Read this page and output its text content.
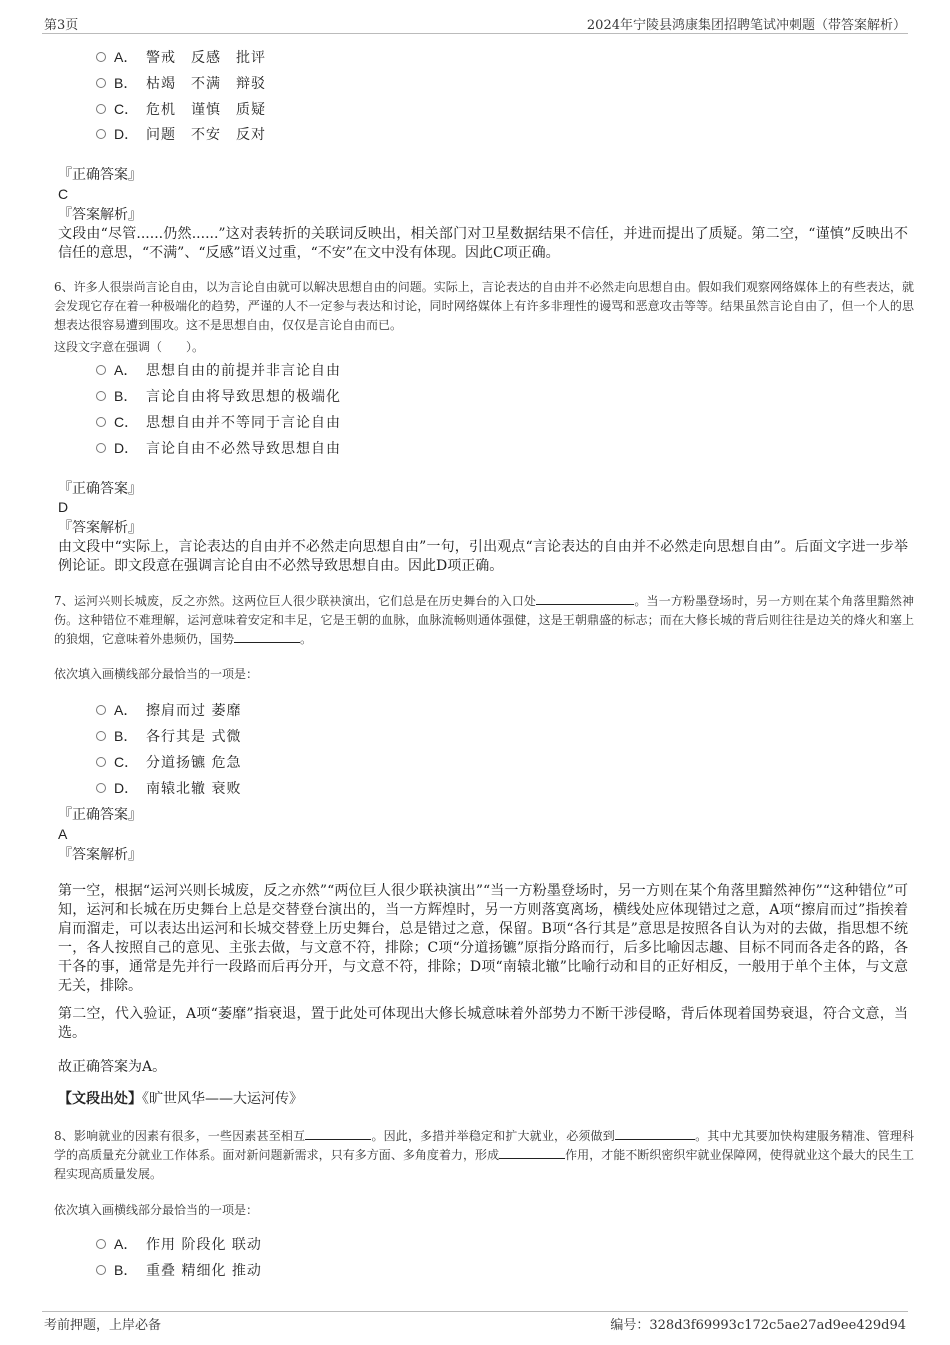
第3页	2024年宁陵县鸿康集团招聘笔试冲刺题（带答案解析）
A． 警戒　反感　批评
B． 枯竭　不满　辩驳
C． 危机　谨慎　质疑
D． 问题　不安　反对
『正确答案』
C
『答案解析』
文段由“尽管......仍然......”这对表转折的关联词反映出，相关部门对卫星数据结果不信任，并进而提出了质疑。第二空，“谨慎”反映出不信任的意思，“不满”、“反感”语义过重，“不安”在文中没有体现。因此C项正确。
6、许多人很崇尚言论自由，以为言论自由就可以解决思想自由的问题。实际上，言论表达的自由并不必然走向思想自由。假如我们观察网络媒体上的有些表达，就会发现它存在着一种极端化的趋势，严谨的人不一定参与表达和讨论，同时网络媒体上有许多非理性的谩骂和恶意攻击等等。结果虽然言论自由了，但一个人的思想表达很容易遭到围攻。这不是思想自由，仅仅是言论自由而已。
这段文字意在强调（　　）。
A． 思想自由的前提并非言论自由
B． 言论自由将导致思想的极端化
C． 思想自由并不等同于言论自由
D． 言论自由不必然导致思想自由
『正确答案』
D
『答案解析』
由文段中“实际上，言论表达的自由并不必然走向思想自由”一句，引出观点“言论表达的自由并不必然走向思想自由”。后面文字进一步举例论证。即文段意在强调言论自由不必然导致思想自由。因此D项正确。
7、运河兴则长城废，反之亦然。这两位巨人很少联袂演出，它们总是在历史舞台的入口处	。当一方粉墨登场时，另一方则在某个角落里黯然神伤。这种错位不难理解，运河意味着安定和丰足，它是王朝的血脉，血脉流畅则通体强健，这是王朝鼎盛的标志；而在大修长城的背后则往往是边关的烽火和塞上的狼烟，它意味着外患频仍，国势	。
依次填入画横线部分最恰当的一项是：
A． 擦肩而过 萎靡
B． 各行其是 式微
C． 分道扬镳 危急
D． 南辕北辙 衰败
『正确答案』
A
『答案解析』
第一空，根据“运河兴则长城废，反之亦然”“两位巨人很少联袂演出”“当一方粉墨登场时，另一方则在某个角落里黯然神伤”“这种错位”可知，运河和长城在历史舞台上总是交替登台演出的，当一方辉煌时，另一方则落寞离场，横线处应体现错过之意，A项“擦肩而过”指挨着肩而溜走，可以表达出运河和长城交替登上历史舞台，总是错过之意，保留。B项“各行其是”意思是按照各自认为对的去做，指思想不统一，各人按照自己的意见、主张去做，与文意不符，排除；C项“分道扬镳”原指分路而行，后多比喻因志趣、目标不同而各走各的路，各干各的事，通常是先并行一段路而后再分开，与文意不符，排除；D项“南辕北辙”比喻行动和目的正好相反，一般用于单个主体，与文意无关，排除。
第二空，代入验证，A项“萎靡”指衰退，置于此处可体现出大修长城意味着外部势力不断干涉侵略，背后体现着国势衰退，符合文意，当选。
故正确答案为A。
【文段出处】《旷世风华——大运河传》
8、影响就业的因素有很多，一些因素甚至相互	。因此，多措并举稳定和扩大就业，必须做到	。其中尤其要加快构建服务精准、管理科学的高质量充分就业工作体系。面对新问题新需求，只有多方面、多角度着力，形成	作用，才能不断织密织牢就业保障网，使得就业这个最大的民生工程实现高质量发展。
依次填入画横线部分最恰当的一项是：
A． 作用 阶段化 联动
B． 重叠 精细化 推动
考前押题，上岸必备	编号：328d3f69993c172c5ae27ad9ee429d94
